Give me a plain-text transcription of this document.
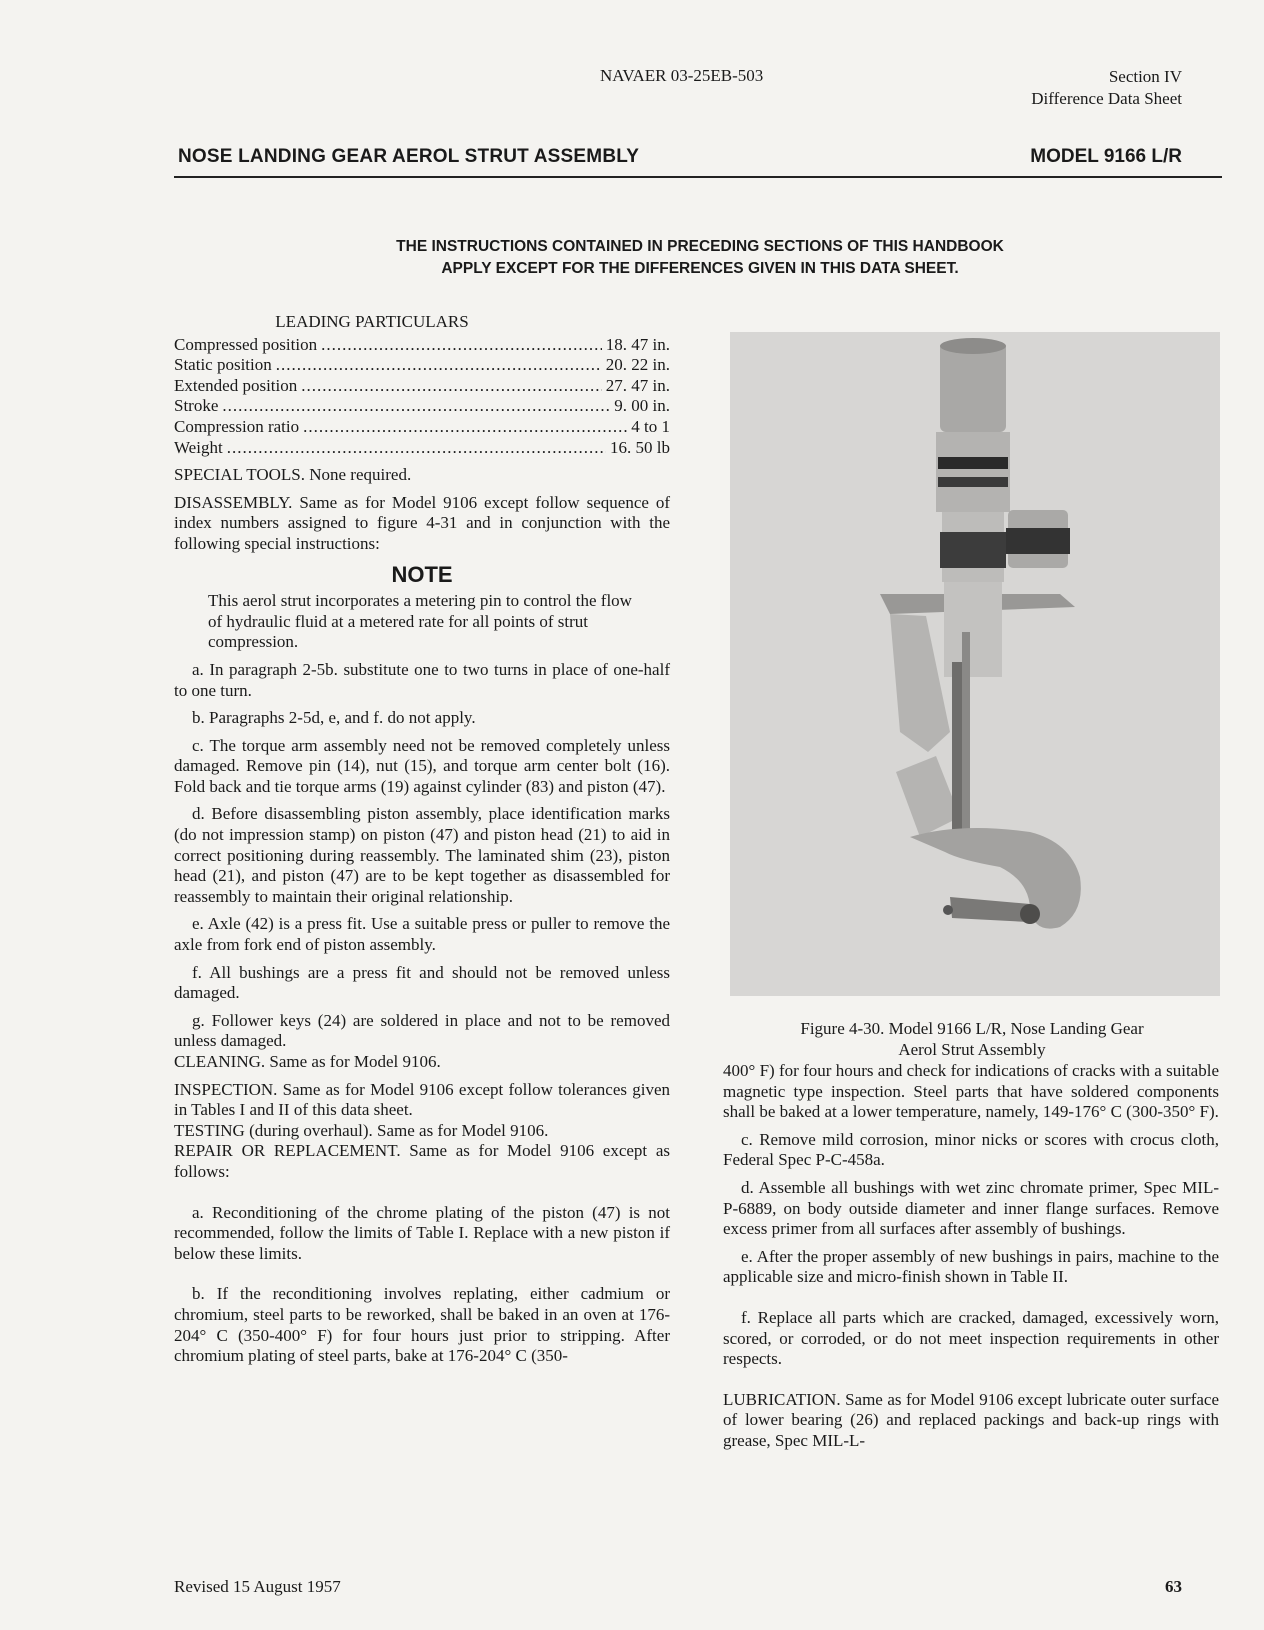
NAVAER 03-25EB-503	Section IV
Difference Data Sheet
NOSE LANDING GEAR AEROL STRUT ASSEMBLY	MODEL 9166 L/R
THE INSTRUCTIONS CONTAINED IN PRECEDING SECTIONS OF THIS HANDBOOK
APPLY EXCEPT FOR THE DIFFERENCES GIVEN IN THIS DATA SHEET.
LEADING PARTICULARS
Compressed position .....	18. 47 in.
Static position .....	20. 22 in.
Extended position .....	27. 47 in.
Stroke .....	9. 00 in.
Compression ratio .....	4 to 1
Weight .....	16. 50 lb

SPECIAL TOOLS. None required.

DISASSEMBLY. Same as for Model 9106 except follow sequence of index numbers assigned to figure 4-31 and in conjunction with the following special instructions:

NOTE

This aerol strut incorporates a metering pin to control the flow of hydraulic fluid at a metered rate for all points of strut compression.

a. In paragraph 2-5b. substitute one to two turns in place of one-half to one turn.

b. Paragraphs 2-5d, e, and f. do not apply.

c. The torque arm assembly need not be removed completely unless damaged. Remove pin (14), nut (15), and torque arm center bolt (16). Fold back and tie torque arms (19) against cylinder (83) and piston (47).

d. Before disassembling piston assembly, place identification marks (do not impression stamp) on piston (47) and piston head (21) to aid in correct positioning during reassembly. The laminated shim (23), piston head (21), and piston (47) are to be kept together as disassembled for reassembly to maintain their original relationship.

e. Axle (42) is a press fit. Use a suitable press or puller to remove the axle from fork end of piston assembly.

f. All bushings are a press fit and should not be removed unless damaged.

g. Follower keys (24) are soldered in place and not to be removed unless damaged.

CLEANING. Same as for Model 9106.

INSPECTION. Same as for Model 9106 except follow tolerances given in Tables I and II of this data sheet.

TESTING (during overhaul). Same as for Model 9106.

REPAIR OR REPLACEMENT. Same as for Model 9106 except as follows:

a. Reconditioning of the chrome plating of the piston (47) is not recommended, follow the limits of Table I. Replace with a new piston if below these limits.

b. If the reconditioning involves replating, either cadmium or chromium, steel parts to be reworked, shall be baked in an oven at 176-204° C (350-400° F) for four hours just prior to stripping. After chromium plating of steel parts, bake at 176-204° C (350-

Figure 4-30. Model 9166 L/R, Nose Landing Gear
Aerol Strut Assembly

400° F) for four hours and check for indications of cracks with a suitable magnetic type inspection. Steel parts that have soldered components shall be baked at a lower temperature, namely, 149-176° C (300-350° F).

c. Remove mild corrosion, minor nicks or scores with crocus cloth, Federal Spec P-C-458a.

d. Assemble all bushings with wet zinc chromate primer, Spec MIL-P-6889, on body outside diameter and inner flange surfaces. Remove excess primer from all surfaces after assembly of bushings.

e. After the proper assembly of new bushings in pairs, machine to the applicable size and micro-finish shown in Table II.

f. Replace all parts which are cracked, damaged, excessively worn, scored, or corroded, or do not meet inspection requirements in other respects.

LUBRICATION. Same as for Model 9106 except lubricate outer surface of lower bearing (26) and replaced packings and back-up rings with grease, Spec MIL-L-

Revised 15 August 1957	63
